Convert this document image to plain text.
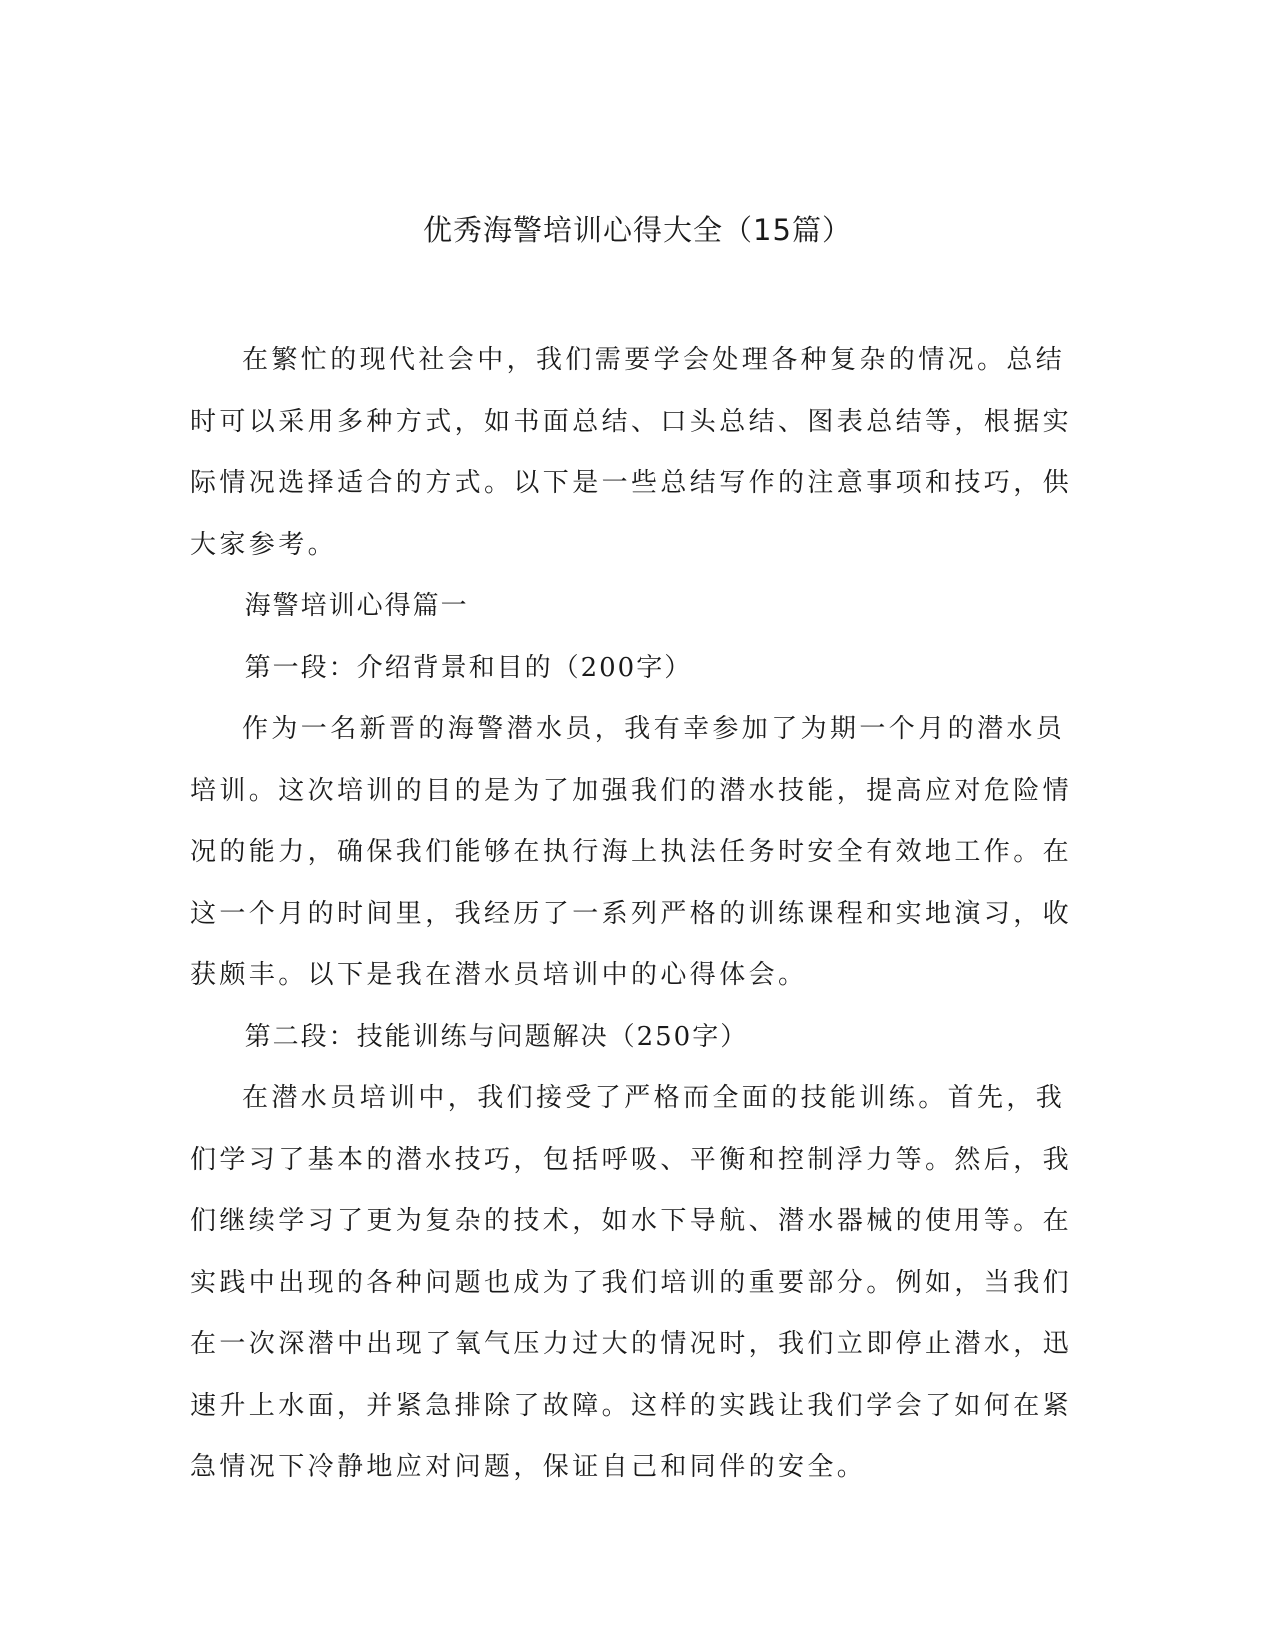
优秀海警培训心得大全（15篇）

在繁忙的现代社会中，我们需要学会处理各种复杂的情况。总结时可以采用多种方式，如书面总结、口头总结、图表总结等，根据实际情况选择适合的方式。以下是一些总结写作的注意事项和技巧，供大家参考。

海警培训心得篇一

第一段：介绍背景和目的（200字）

作为一名新晋的海警潜水员，我有幸参加了为期一个月的潜水员培训。这次培训的目的是为了加强我们的潜水技能，提高应对危险情况的能力，确保我们能够在执行海上执法任务时安全有效地工作。在这一个月的时间里，我经历了一系列严格的训练课程和实地演习，收获颇丰。以下是我在潜水员培训中的心得体会。

第二段：技能训练与问题解决（250字）

在潜水员培训中，我们接受了严格而全面的技能训练。首先，我们学习了基本的潜水技巧，包括呼吸、平衡和控制浮力等。然后，我们继续学习了更为复杂的技术，如水下导航、潜水器械的使用等。在实践中出现的各种问题也成为了我们培训的重要部分。例如，当我们在一次深潜中出现了氧气压力过大的情况时，我们立即停止潜水，迅速升上水面，并紧急排除了故障。这样的实践让我们学会了如何在紧急情况下冷静地应对问题，保证自己和同伴的安全。
